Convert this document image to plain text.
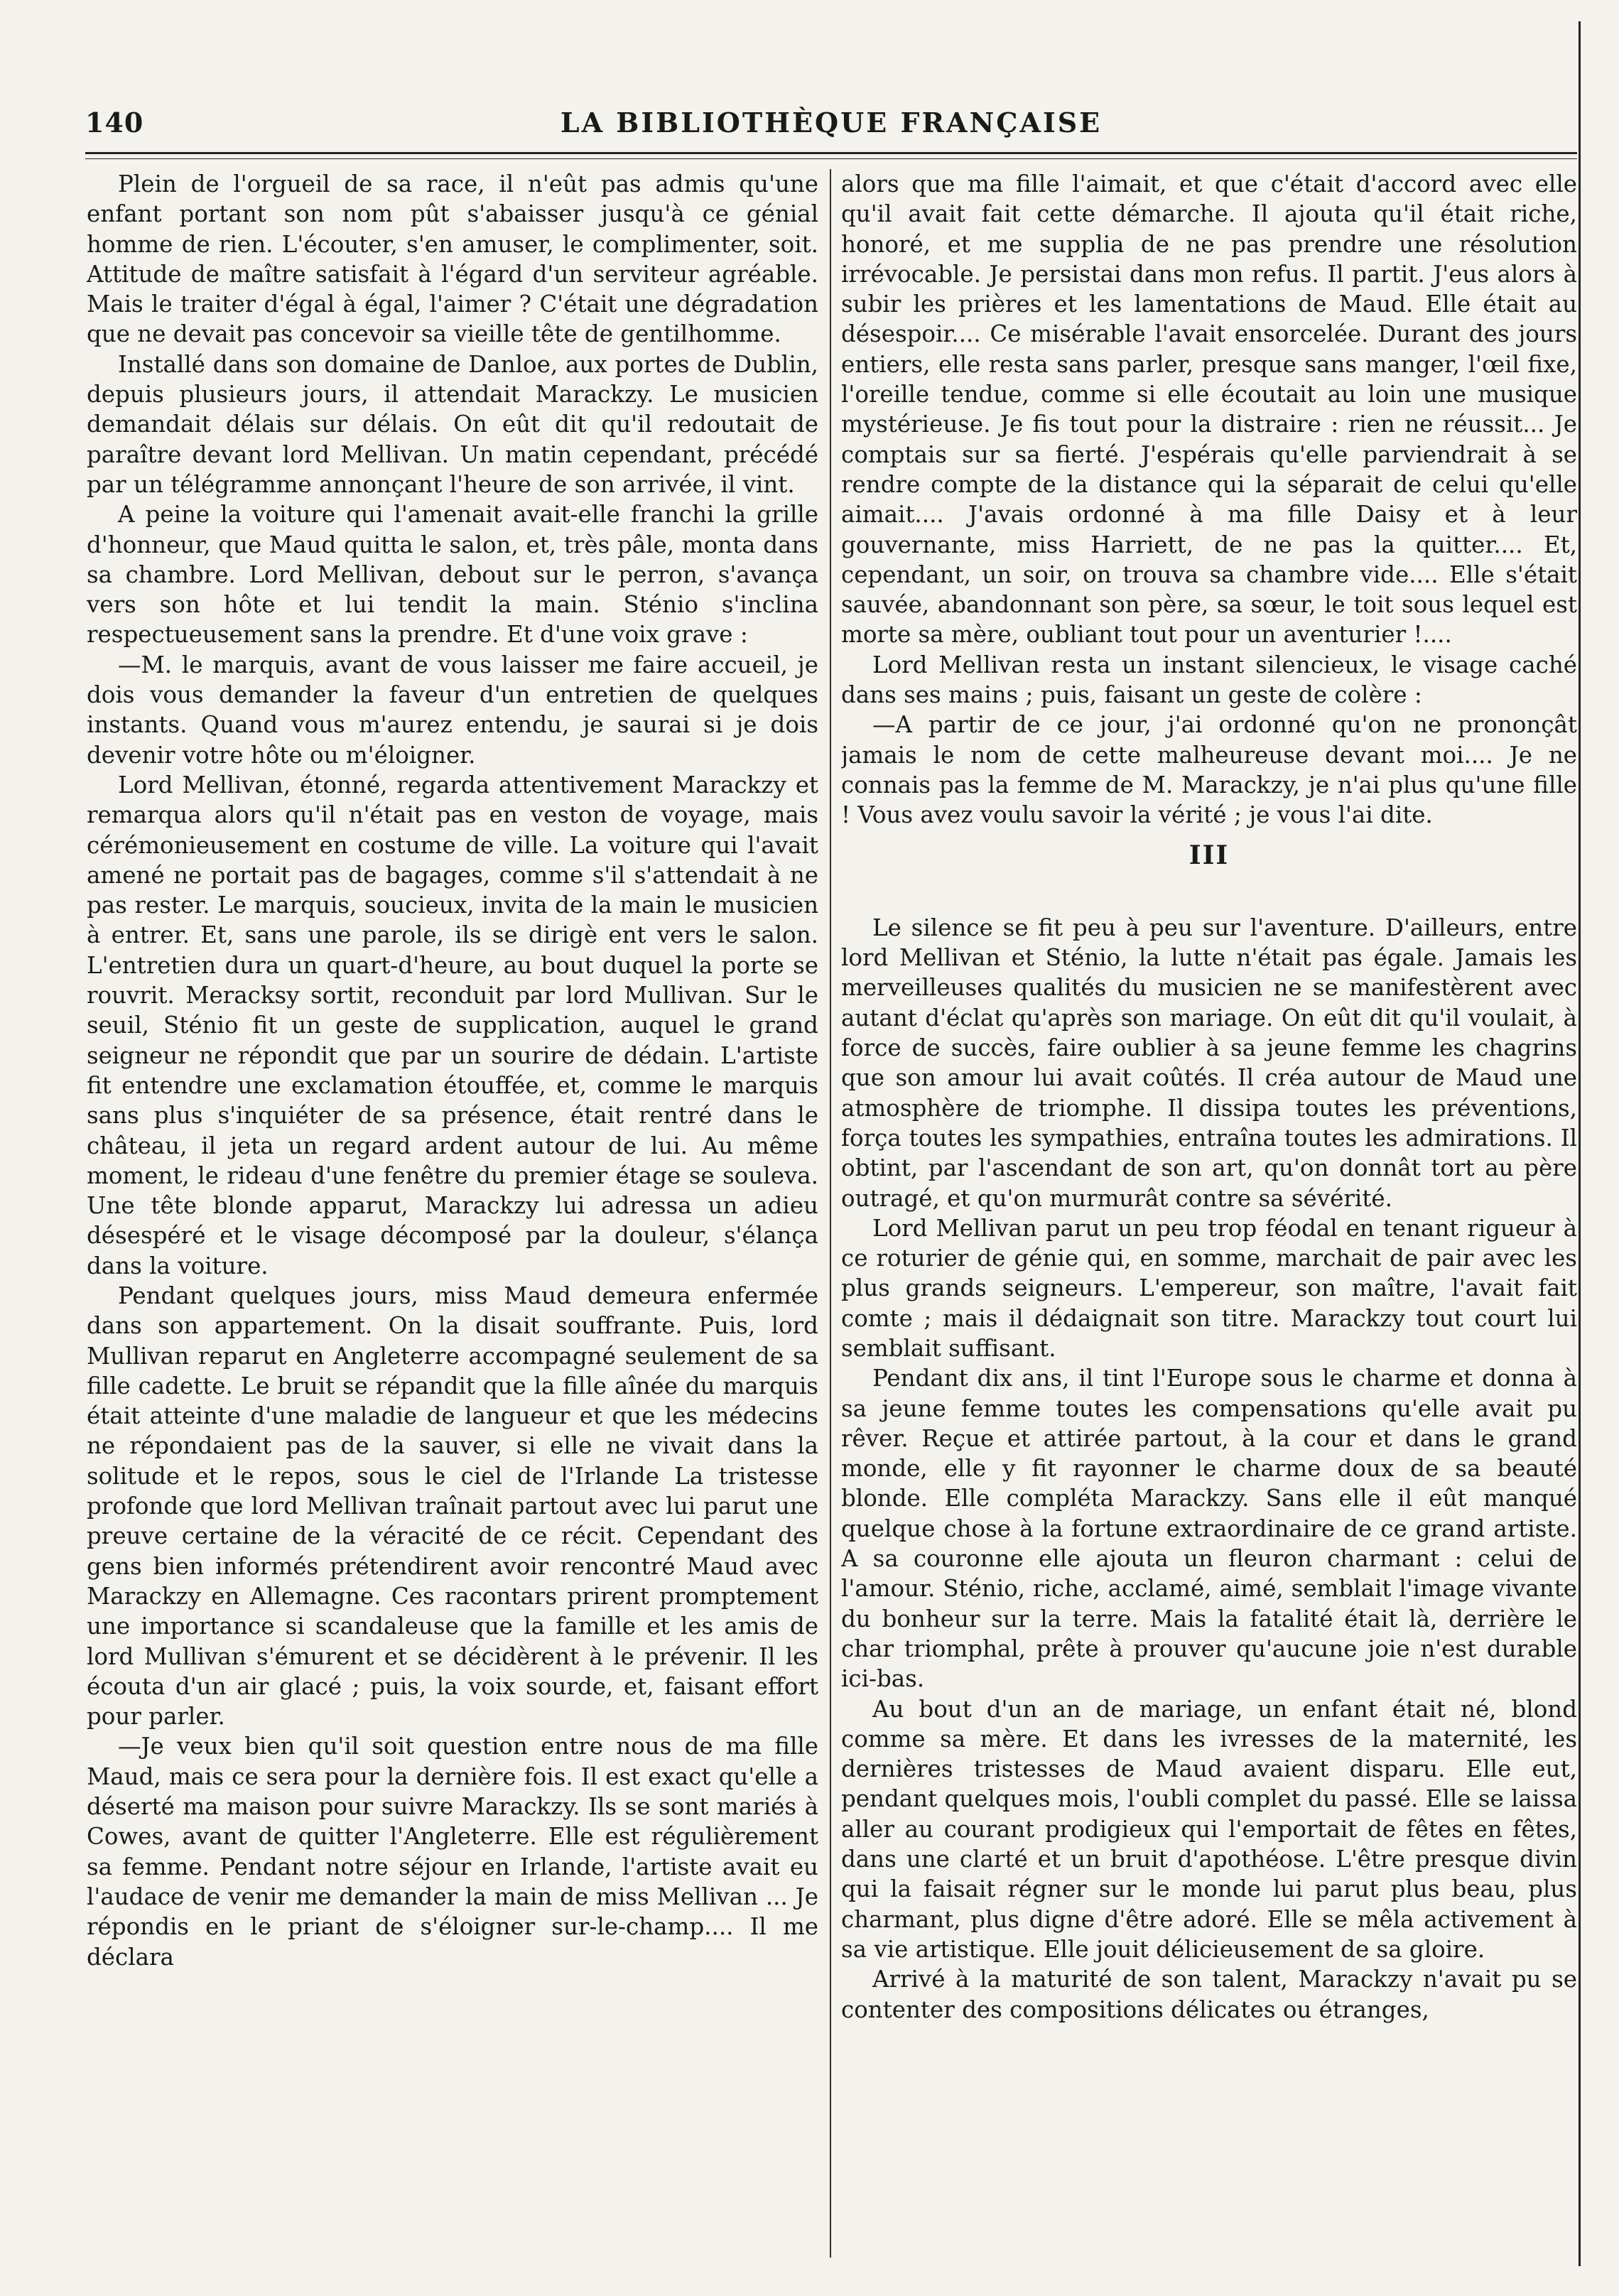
140	LA BIBLIOTHÈQUE FRANÇAISE

Plein de l'orgueil de sa race, il n'eût pas admis qu'une enfant portant son nom pût s'abaisser jusqu'à ce génial homme de rien. L'écouter, s'en amuser, le complimenter, soit. Attitude de maître satisfait à l'égard d'un serviteur agréable. Mais le traiter d'égal à égal, l'aimer ? C'était une dégradation que ne devait pas concevoir sa vieille tête de gentilhomme.

Installé dans son domaine de Danloe, aux portes de Dublin, depuis plusieurs jours, il attendait Marackzy. Le musicien demandait délais sur délais. On eût dit qu'il redoutait de paraître devant lord Mellivan. Un matin cependant, précédé par un télégramme annonçant l'heure de son arrivée, il vint.

A peine la voiture qui l'amenait avait-elle franchi la grille d'honneur, que Maud quitta le salon, et, très pâle, monta dans sa chambre. Lord Mellivan, debout sur le perron, s'avança vers son hôte et lui tendit la main. Sténio s'inclina respectueusement sans la prendre. Et d'une voix grave :

—M. le marquis, avant de vous laisser me faire accueil, je dois vous demander la faveur d'un entretien de quelques instants. Quand vous m'aurez entendu, je saurai si je dois devenir votre hôte ou m'éloigner.

Lord Mellivan, étonné, regarda attentivement Marackzy et remarqua alors qu'il n'était pas en veston de voyage, mais cérémonieusement en costume de ville. La voiture qui l'avait amené ne portait pas de bagages, comme s'il s'attendait à ne pas rester. Le marquis, soucieux, invita de la main le musicien à entrer. Et, sans une parole, ils se dirigè ent vers le salon. L'entretien dura un quart-d'heure, au bout duquel la porte se rouvrit. Meracksy sortit, reconduit par lord Mullivan. Sur le seuil, Sténio fit un geste de supplication, auquel le grand seigneur ne répondit que par un sourire de dédain. L'artiste fit entendre une exclamation étouffée, et, comme le marquis sans plus s'inquiéter de sa présence, était rentré dans le château, il jeta un regard ardent autour de lui. Au même moment, le rideau d'une fenêtre du premier étage se souleva. Une tête blonde apparut, Marackzy lui adressa un adieu désespéré et le visage décomposé par la douleur, s'élança dans la voiture.

Pendant quelques jours, miss Maud demeura enfermée dans son appartement. On la disait souffrante. Puis, lord Mullivan reparut en Angleterre accompagné seulement de sa fille cadette. Le bruit se répandit que la fille aînée du marquis était atteinte d'une maladie de langueur et que les médecins ne répondaient pas de la sauver, si elle ne vivait dans la solitude et le repos, sous le ciel de l'Irlande La tristesse profonde que lord Mellivan traînait partout avec lui parut une preuve certaine de la véracité de ce récit. Cependant des gens bien informés prétendirent avoir rencontré Maud avec Marackzy en Allemagne. Ces racontars prirent promptement une importance si scandaleuse que la famille et les amis de lord Mullivan s'émurent et se décidèrent à le prévenir. Il les écouta d'un air glacé ; puis, la voix sourde, et, faisant effort pour parler.

—Je veux bien qu'il soit question entre nous de ma fille Maud, mais ce sera pour la dernière fois. Il est exact qu'elle a déserté ma maison pour suivre Marackzy. Ils se sont mariés à Cowes, avant de quitter l'Angleterre. Elle est régulièrement sa femme. Pendant notre séjour en Irlande, l'artiste avait eu l'audace de venir me demander la main de miss Mellivan ... Je répondis en le priant de s'éloigner sur-le-champ.... Il me déclara

alors que ma fille l'aimait, et que c'était d'accord avec elle qu'il avait fait cette démarche. Il ajouta qu'il était riche, honoré, et me supplia de ne pas prendre une résolution irrévocable. Je persistai dans mon refus. Il partit. J'eus alors à subir les prières et les lamentations de Maud. Elle était au désespoir.... Ce misérable l'avait ensorcelée. Durant des jours entiers, elle resta sans parler, presque sans manger, l'œil fixe, l'oreille tendue, comme si elle écoutait au loin une musique mystérieuse. Je fis tout pour la distraire : rien ne réussit... Je comptais sur sa fierté. J'espérais qu'elle parviendrait à se rendre compte de la distance qui la séparait de celui qu'elle aimait.... J'avais ordonné à ma fille Daisy et à leur gouvernante, miss Harriett, de ne pas la quitter.... Et, cependant, un soir, on trouva sa chambre vide.... Elle s'était sauvée, abandonnant son père, sa sœur, le toit sous lequel est morte sa mère, oubliant tout pour un aventurier !....

Lord Mellivan resta un instant silencieux, le visage caché dans ses mains ; puis, faisant un geste de colère :

—A partir de ce jour, j'ai ordonné qu'on ne prononçât jamais le nom de cette malheureuse devant moi.... Je ne connais pas la femme de M. Marackzy, je n'ai plus qu'une fille ! Vous avez voulu savoir la vérité ; je vous l'ai dite.

III

Le silence se fit peu à peu sur l'aventure. D'ailleurs, entre lord Mellivan et Sténio, la lutte n'était pas égale. Jamais les merveilleuses qualités du musicien ne se manifestèrent avec autant d'éclat qu'après son mariage. On eût dit qu'il voulait, à force de succès, faire oublier à sa jeune femme les chagrins que son amour lui avait coûtés. Il créa autour de Maud une atmosphère de triomphe. Il dissipa toutes les préventions, força toutes les sympathies, entraîna toutes les admirations. Il obtint, par l'ascendant de son art, qu'on donnât tort au père outragé, et qu'on murmurât contre sa sévérité.

Lord Mellivan parut un peu trop féodal en tenant rigueur à ce roturier de génie qui, en somme, marchait de pair avec les plus grands seigneurs. L'empereur, son maître, l'avait fait comte ; mais il dédaignait son titre. Marackzy tout court lui semblait suffisant.

Pendant dix ans, il tint l'Europe sous le charme et donna à sa jeune femme toutes les compensations qu'elle avait pu rêver. Reçue et attirée partout, à la cour et dans le grand monde, elle y fit rayonner le charme doux de sa beauté blonde. Elle compléta Marackzy. Sans elle il eût manqué quelque chose à la fortune extraordinaire de ce grand artiste. A sa couronne elle ajouta un fleuron charmant : celui de l'amour. Sténio, riche, acclamé, aimé, semblait l'image vivante du bonheur sur la terre. Mais la fatalité était là, derrière le char triomphal, prête à prouver qu'aucune joie n'est durable ici-bas.

Au bout d'un an de mariage, un enfant était né, blond comme sa mère. Et dans les ivresses de la maternité, les dernières tristesses de Maud avaient disparu. Elle eut, pendant quelques mois, l'oubli complet du passé. Elle se laissa aller au courant prodigieux qui l'emportait de fêtes en fêtes, dans une clarté et un bruit d'apothéose. L'être presque divin qui la faisait régner sur le monde lui parut plus beau, plus charmant, plus digne d'être adoré. Elle se mêla activement à sa vie artistique. Elle jouit délicieusement de sa gloire.

Arrivé à la maturité de son talent, Marackzy n'avait pu se contenter des compositions délicates ou étranges,
